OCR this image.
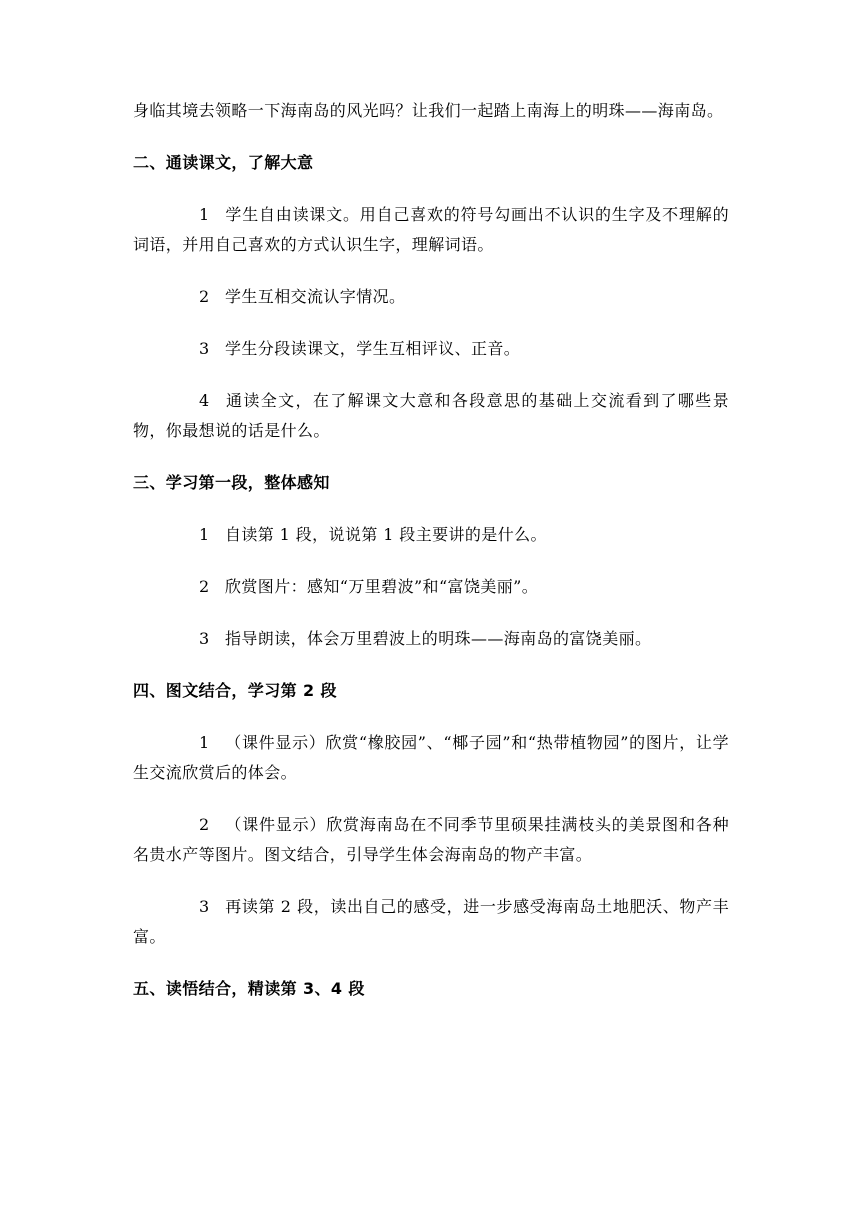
身临其境去领略一下海南岛的风光吗？让我们一起踏上南海上的明珠——海南岛。

二、通读课文，了解大意

1 学生自由读课文。用自己喜欢的符号勾画出不认识的生字及不理解的词语，并用自己喜欢的方式认识生字，理解词语。

2 学生互相交流认字情况。

3 学生分段读课文，学生互相评议、正音。

4 通读全文，在了解课文大意和各段意思的基础上交流看到了哪些景物，你最想说的话是什么。

三、学习第一段，整体感知

1 自读第 1 段，说说第 1 段主要讲的是什么。

2 欣赏图片：感知“万里碧波”和“富饶美丽”。

3 指导朗读，体会万里碧波上的明珠——海南岛的富饶美丽。

四、图文结合，学习第 2 段

1 （课件显示）欣赏“橡胶园”、“椰子园”和“热带植物园”的图片，让学生交流欣赏后的体会。

2 （课件显示）欣赏海南岛在不同季节里硕果挂满枝头的美景图和各种名贵水产等图片。图文结合，引导学生体会海南岛的物产丰富。

3 再读第 2 段，读出自己的感受，进一步感受海南岛土地肥沃、物产丰富。

五、读悟结合，精读第 3、4 段
